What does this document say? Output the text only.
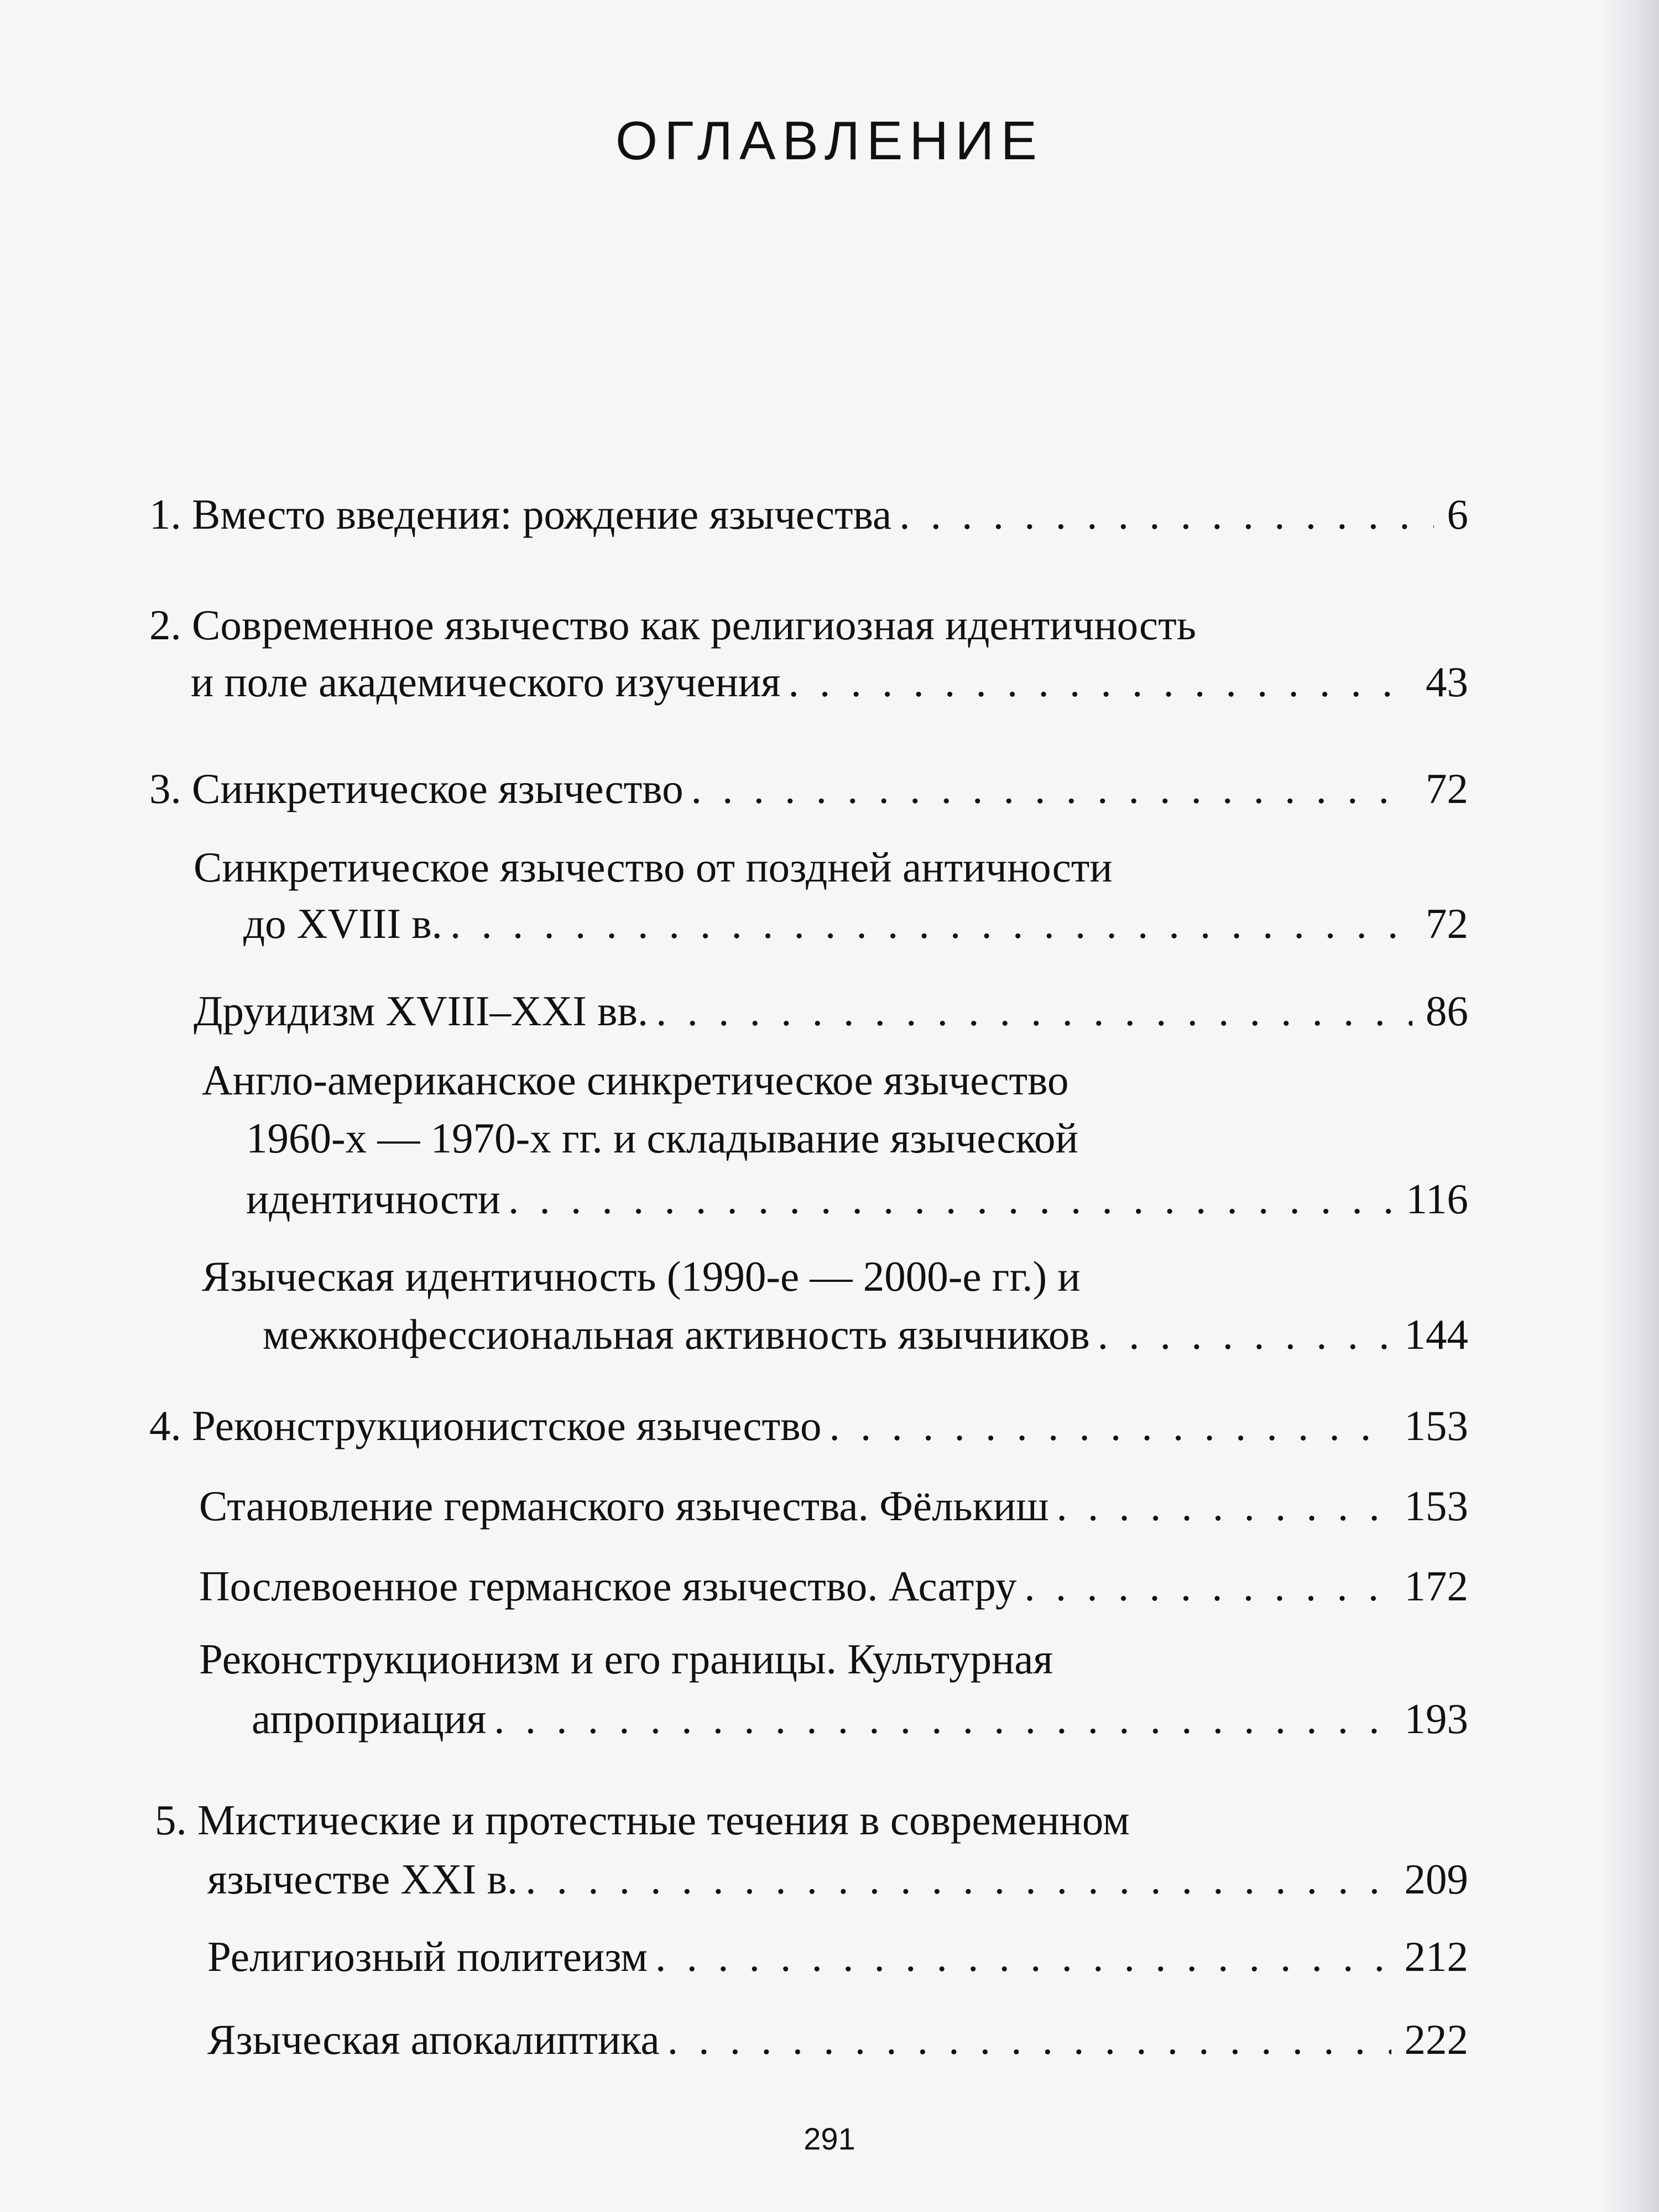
ОГЛАВЛЕНИЕ
1. Вместо введения: рождение язычества . . .	6
2. Современное язычество как религиозная идентичность
и поле академического изучения . . .	43
3. Синкретическое язычество . . .	72
Синкретическое язычество от поздней античности
до XVIII в. . . .	72
Друидизм XVIII–XXI вв. . . .	86
Англо-американское синкретическое язычество
1960-х — 1970-х гг. и складывание языческой
идентичности . . .	116
Языческая идентичность (1990-е — 2000-е гг.) и
межконфессиональная активность язычников . . .	144
4. Реконструкционистское язычество . . .	153
Становление германского язычества. Фёлькиш . . .	153
Послевоенное германское язычество. Асатру . . .	172
Реконструкционизм и его границы. Культурная
апроприация . . .	193
5. Мистические и протестные течения в современном
язычестве XXI в. . . .	209
Религиозный политеизм . . .	212
Языческая апокалиптика . . .	222
291
